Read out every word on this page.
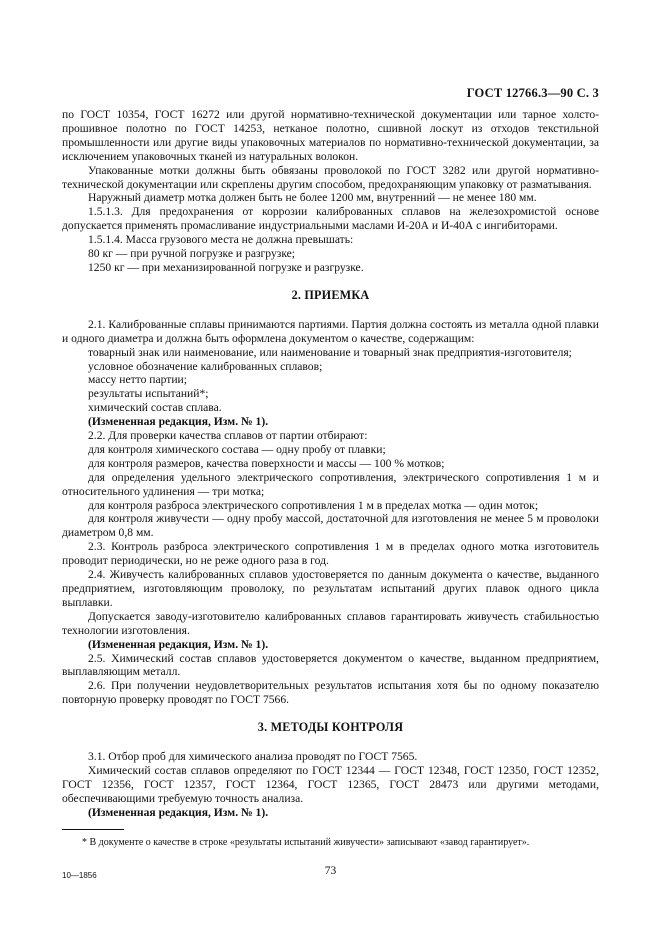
ГОСТ 12766.3—90 С. 3

по ГОСТ 10354, ГОСТ 16272 или другой нормативно-технической документации или тарное холсто-прошивное полотно по ГОСТ 14253, нетканое полотно, сшивной лоскут из отходов текстильной промышленности или другие виды упаковочных материалов по нормативно-технической документации, за исключением упаковочных тканей из натуральных волокон.

Упакованные мотки должны быть обвязаны проволокой по ГОСТ 3282 или другой нормативно-технической документации или скреплены другим способом, предохраняющим упаковку от разматывания.

Наружный диаметр мотка должен быть не более 1200 мм, внутренний — не менее 180 мм.

1.5.1.3. Для предохранения от коррозии калиброванных сплавов на железохромистой основе допускается применять промасливание индустриальными маслами И-20А и И-40А с ингибиторами.

1.5.1.4. Масса грузового места не должна превышать:

80 кг — при ручной погрузке и разгрузке;

1250 кг — при механизированной погрузке и разгрузке.

2. ПРИЕМКА

2.1. Калиброванные сплавы принимаются партиями. Партия должна состоять из металла одной плавки и одного диаметра и должна быть оформлена документом о качестве, содержащим:

товарный знак или наименование, или наименование и товарный знак предприятия-изготовителя;

условное обозначение калиброванных сплавов;

массу нетто партии;

результаты испытаний*;

химический состав сплава.

(Измененная редакция, Изм. № 1).

2.2. Для проверки качества сплавов от партии отбирают:

для контроля химического состава — одну пробу от плавки;

для контроля размеров, качества поверхности и массы — 100 % мотков;

для определения удельного электрического сопротивления, электрического сопротивления 1 м и относительного удлинения — три мотка;

для контроля разброса электрического сопротивления 1 м в пределах мотка — один моток;

для контроля живучести — одну пробу массой, достаточной для изготовления не менее 5 м проволоки диаметром 0,8 мм.

2.3. Контроль разброса электрического сопротивления 1 м в пределах одного мотка изготовитель проводит периодически, но не реже одного раза в год.

2.4. Живучесть калиброванных сплавов удостоверяется по данным документа о качестве, выданного предприятием, изготовляющим проволоку, по результатам испытаний других плавок одного цикла выплавки.

Допускается заводу-изготовителю калиброванных сплавов гарантировать живучесть стабильностью технологии изготовления.

(Измененная редакция, Изм. № 1).

2.5. Химический состав сплавов удостоверяется документом о качестве, выданном предприятием, выплавляющим металл.

2.6. При получении неудовлетворительных результатов испытания хотя бы по одному показателю повторную проверку проводят по ГОСТ 7566.

3. МЕТОДЫ КОНТРОЛЯ

3.1. Отбор проб для химического анализа проводят по ГОСТ 7565.

Химический состав сплавов определяют по ГОСТ 12344 — ГОСТ 12348, ГОСТ 12350, ГОСТ 12352, ГОСТ 12356, ГОСТ 12357, ГОСТ 12364, ГОСТ 12365, ГОСТ 28473 или другими методами, обеспечивающими требуемую точность анализа.

(Измененная редакция, Изм. № 1).

* В документе о качестве в строке «результаты испытаний живучести» записывают «завод гарантирует».
10—1856	73
